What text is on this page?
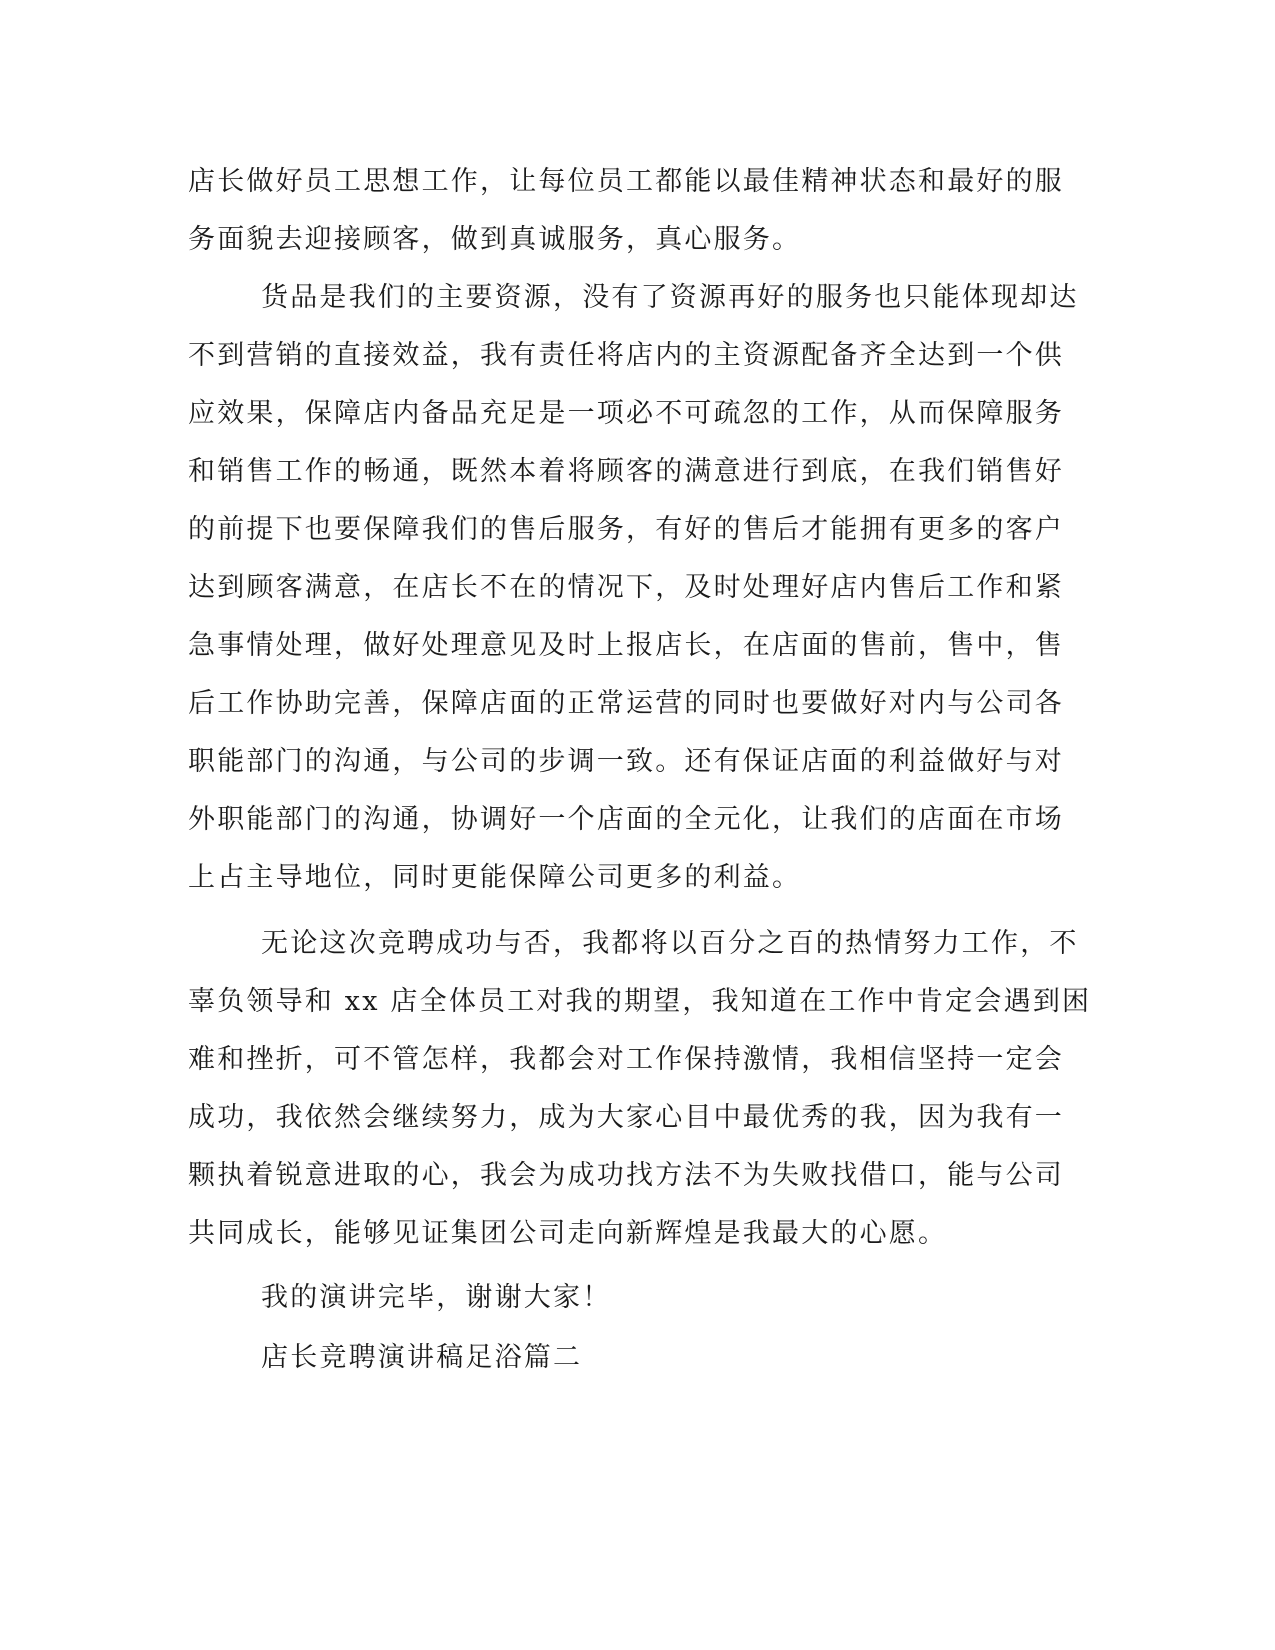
店长做好员工思想工作，让每位员工都能以最佳精神状态和最好的服
务面貌去迎接顾客，做到真诚服务，真心服务。
货品是我们的主要资源，没有了资源再好的服务也只能体现却达
不到营销的直接效益，我有责任将店内的主资源配备齐全达到一个供
应效果，保障店内备品充足是一项必不可疏忽的工作，从而保障服务
和销售工作的畅通，既然本着将顾客的满意进行到底，在我们销售好
的前提下也要保障我们的售后服务，有好的售后才能拥有更多的客户
达到顾客满意，在店长不在的情况下，及时处理好店内售后工作和紧
急事情处理，做好处理意见及时上报店长，在店面的售前，售中，售
后工作协助完善，保障店面的正常运营的同时也要做好对内与公司各
职能部门的沟通，与公司的步调一致。还有保证店面的利益做好与对
外职能部门的沟通，协调好一个店面的全元化，让我们的店面在市场
上占主导地位，同时更能保障公司更多的利益。
无论这次竞聘成功与否，我都将以百分之百的热情努力工作，不
辜负领导和 xx 店全体员工对我的期望，我知道在工作中肯定会遇到困
难和挫折，可不管怎样，我都会对工作保持激情，我相信坚持一定会
成功，我依然会继续努力，成为大家心目中最优秀的我，因为我有一
颗执着锐意进取的心，我会为成功找方法不为失败找借口，能与公司
共同成长，能够见证集团公司走向新辉煌是我最大的心愿。
我的演讲完毕，谢谢大家！
店长竞聘演讲稿足浴篇二
